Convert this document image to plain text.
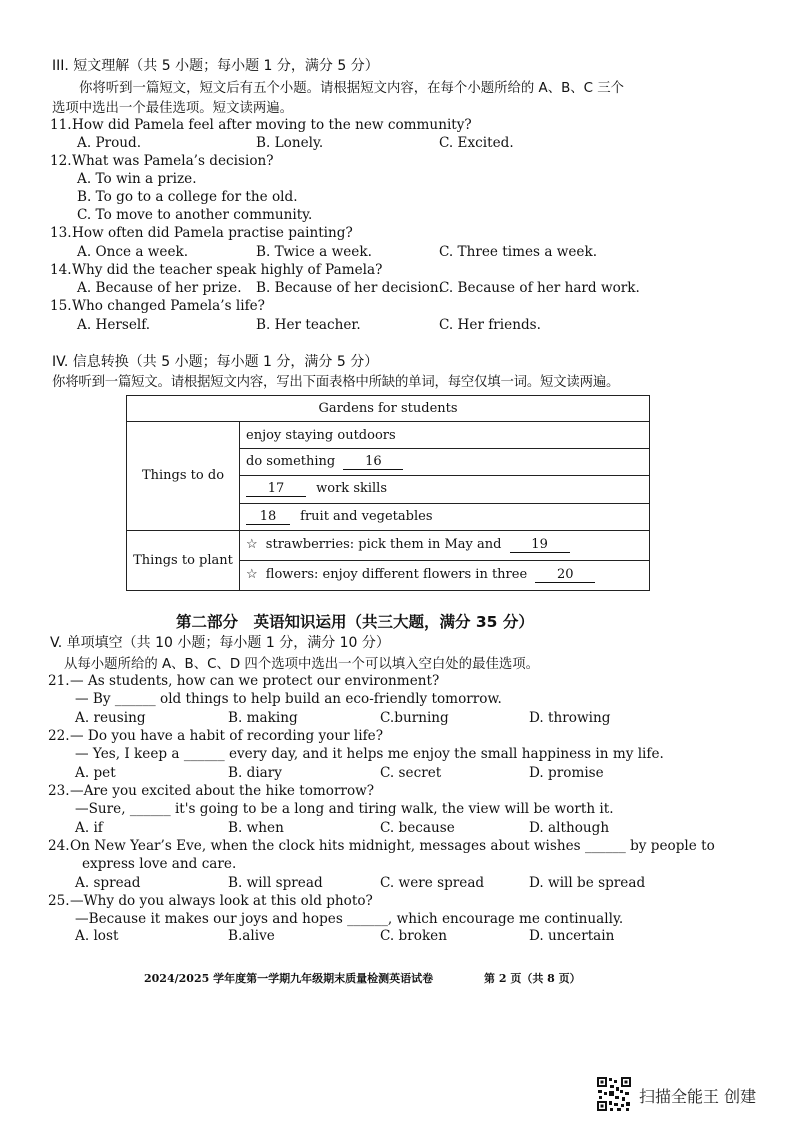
III. 短文理解（共 5 小题；每小题 1 分，满分 5 分）
你将听到一篇短文，短文后有五个小题。请根据短文内容，在每个小题所给的 A、B、C 三个
选项中选出一个最佳选项。短文读两遍。
11.How did Pamela feel after moving to the new community?
A. Proud.	B. Lonely.	C. Excited.
12.What was Pamela’s decision?
A. To win a prize.
B. To go to a college for the old.
C. To move to another community.
13.How often did Pamela practise painting?
A. Once a week.	B. Twice a week.	C. Three times a week.
14.Why did the teacher speak highly of Pamela?
A. Because of her prize. B. Because of her decision.
C. Because of her hard work.
15.Who changed Pamela’s life?
A. Herself.	B. Her teacher.	C. Her friends.
IV. 信息转换（共 5 小题；每小题 1 分，满分 5 分）
你将听到一篇短文。请根据短文内容，写出下面表格中所缺的单词，每空仅填一词。短文读两遍。
Gardens for students	
Things to do	enjoy staying outdoors
	do something 16
	17 work skills
	18 fruit and vegetables
Things to plant	☆ strawberries: pick them in May and 19
	☆ flowers: enjoy different flowers in three 20
第二部分　英语知识运用（共三大题，满分 35 分）
V. 单项填空（共 10 小题；每小题 1 分，满分 10 分）
从每小题所给的 A、B、C、D 四个选项中选出一个可以填入空白处的最佳选项。
21.— As students, how can we protect our environment?
— By ______ old things to help build an eco-friendly tomorrow.
A. reusing	B. making	C.burning	D. throwing
22.— Do you have a habit of recording your life?
— Yes, I keep a ______ every day, and it helps me enjoy the small happiness in my life.
A. pet	B. diary	C. secret	D. promise
23.—Are you excited about the hike tomorrow?
—Sure, ______ it's going to be a long and tiring walk, the view will be worth it.
A. if	B. when	C. because	D. although
24.On New Year’s Eve, when the clock hits midnight, messages about wishes ______ by people to
express love and care.
A. spread	B. will spread	C. were spread	D. will be spread
25.—Why do you always look at this old photo?
—Because it makes our joys and hopes ______, which encourage me continually.
A. lost	B.alive	C. broken	D. uncertain
2024/2025 学年度第一学期九年级期末质量检测英语试卷	第 2 页（共 8 页）
扫描全能王 创建
